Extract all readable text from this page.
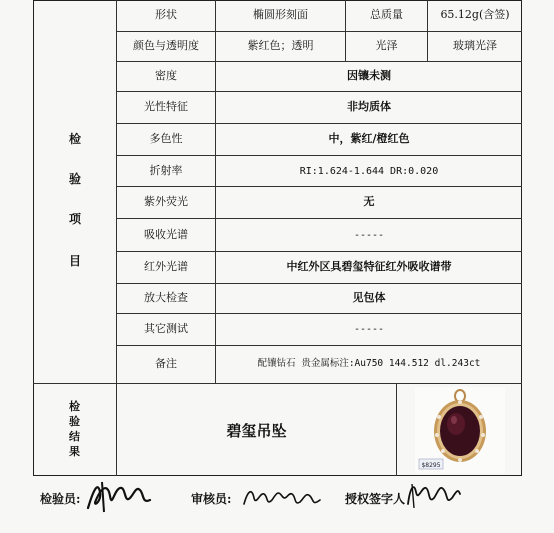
检
验
项
目
形状	椭圆形刻面	总质量	65.12g(含签)
颜色与透明度	紫红色；透明	光泽	玻璃光泽
密度	因镶未测
光性特征	非均质体
多色性	中，紫红/橙红色
折射率	RI:1.624-1.644 DR:0.020
紫外荧光	无
吸收光谱	-----
红外光谱	中红外区具碧玺特征红外吸收谱带
放大检查	见包体
其它测试	-----
备注	配镶钻石 贵金属标注:Au750 144.512 dl.243ct
检
验
结
果
碧玺吊坠
$8295
检验员:	审核员:	授权签字人
